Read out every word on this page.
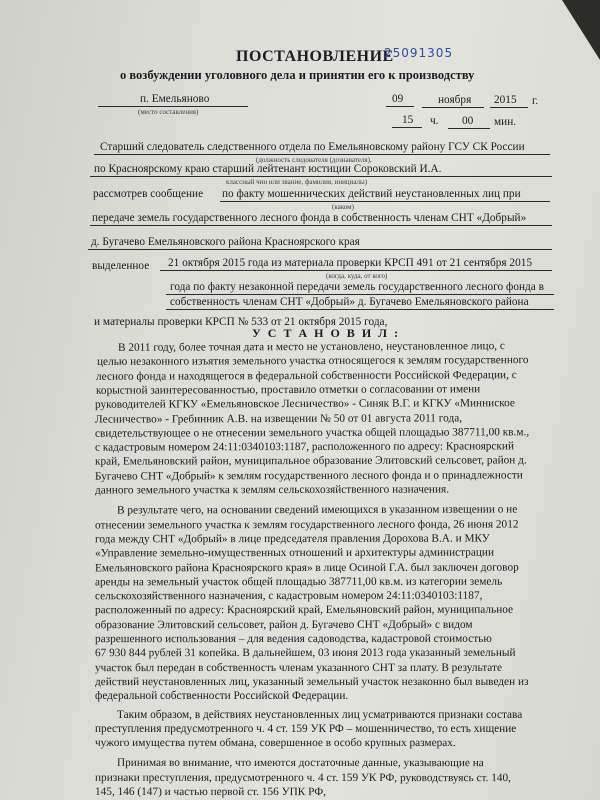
ПОСТАНОВЛЕНИЕ
25091305
о возбуждении уголовного дела и принятии его к производству
п. Емельяново
(место составления)
09	ноября 2015 г.
15 ч. 00 мин.
Старший следователь следственного отдела по Емельяновскому району ГСУ СК России
(должность следователя (дознавателя),
по Красноярскому краю старший лейтенант юстиции Сороковский И.А.
классный чин или звание, фамилия, инициалы)
рассмотрев сообщение по факту мошеннических действий неустановленных лиц при
(каком)
передаче земель государственного лесного фонда в собственность членам СНТ «Добрый»
д. Бугачево Емельяновского района Красноярского края
выделенное 21 октября 2015 года из материала проверки КРСП 491 от 21 сентября 2015
(когда, куда, от кого)
года по факту незаконной передачи земель государственного лесного фонда в
собственность членам СНТ «Добрый» д. Бугачево Емельяновского района
и материалы проверки КРСП № 533 от 21 октября 2015 года,
У С Т А Н О В И Л :
В 2011 году, более точная дата и место не установлено, неустановленное лицо, с
целью незаконного изъятия земельного участка относящегося к землям государственного
лесного фонда и находящегося в федеральной собственности Российской Федерации, с
корыстной заинтересованностью, проставило отметки о согласовании от имени
руководителей КГКУ «Емельяновское Лесничество» - Синяк В.Г. и КГКУ «Минниское
Лесничество» - Гребинник А.В. на извещении № 50 от 01 августа 2011 года,
свидетельствующее о не отнесении земельного участка общей площадью 387711,00 кв.м.,
с кадастровым номером 24:11:0340103:1187, расположенного по адресу: Красноярский
край, Емельяновский район, муниципальное образование Элитовский сельсовет, район д.
Бугачево СНТ «Добрый» к землям государственного лесного фонда и о принадлежности
данного земельного участка к землям сельскохозяйственного назначения.
В результате чего, на основании сведений имеющихся в указанном извещении о не
отнесении земельного участка к землям государственного лесного фонда, 26 июня 2012
года между СНТ «Добрый» в лице председателя правления Дорохова В.А. и МКУ
«Управление земельно-имущественных отношений и архитектуры администрации
Емельяновского района Красноярского края» в лице Осиной Г.А. был заключен договор
аренды на земельный участок общей площадью 387711,00 кв.м. из категории земель
сельскохозяйственного назначения, с кадастровым номером 24:11:0340103:1187,
расположенный по адресу: Красноярский край, Емельяновский район, муниципальное
образование Элитовский сельсовет, район д. Бугачево СНТ «Добрый» с видом
разрешенного использования – для ведения садоводства, кадастровой стоимостью
67 930 844 рублей 31 копейка. В дальнейшем, 03 июня 2013 года указанный земельный
участок был передан в собственность членам указанного СНТ за плату. В результате
действий неустановленных лиц, указанный земельный участок незаконно был выведен из
федеральной собственности Российской Федерации.
Таким образом, в действиях неустановленных лиц усматриваются признаки состава
преступления предусмотренного ч. 4 ст. 159 УК РФ – мошенничество, то есть хищение
чужого имущества путем обмана, совершенное в особо крупных размерах.
Принимая во внимание, что имеются достаточные данные, указывающие на
признаки преступления, предусмотренного ч. 4 ст. 159 УК РФ, руководствуясь ст. 140,
145, 146 (147) и частью первой ст. 156 УПК РФ,
